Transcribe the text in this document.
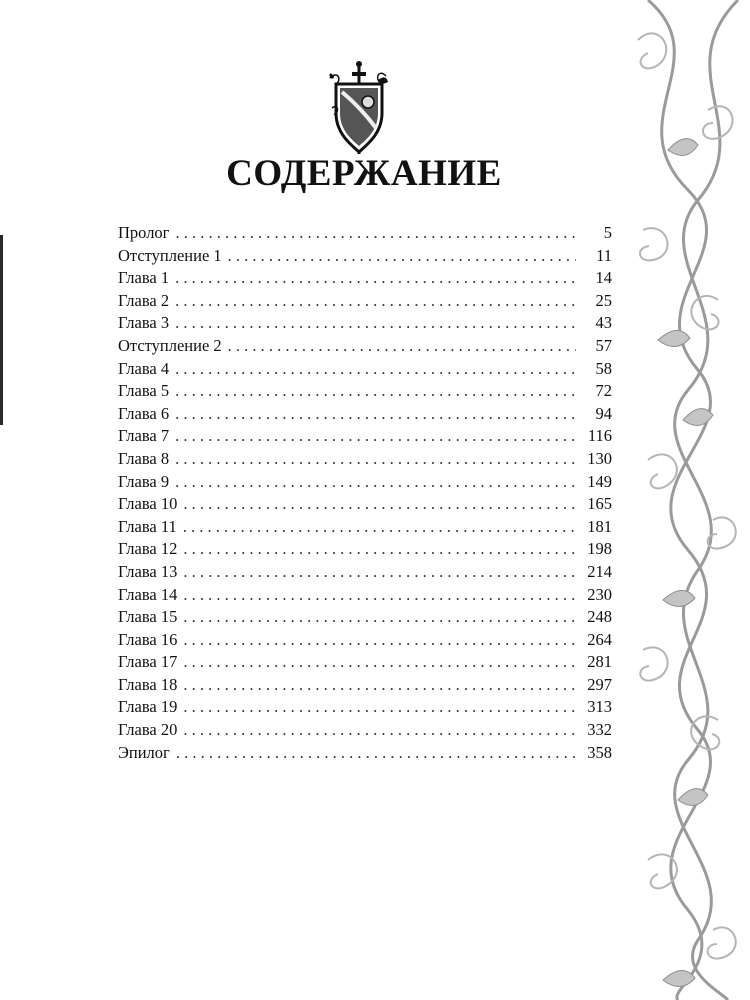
СОДЕРЖАНИЕ
Пролог . . .	5
Отступление 1 . . .	11
Глава 1 . . .	14
Глава 2 . . .	25
Глава 3 . . .	43
Отступление 2 . . .	57
Глава 4 . . .	58
Глава 5 . . .	72
Глава 6 . . .	94
Глава 7 . . .	116
Глава 8 . . .	130
Глава 9 . . .	149
Глава 10 . . .	165
Глава 11 . . .	181
Глава 12 . . .	198
Глава 13 . . .	214
Глава 14 . . .	230
Глава 15 . . .	248
Глава 16 . . .	264
Глава 17 . . .	281
Глава 18 . . .	297
Глава 19 . . .	313
Глава 20 . . .	332
Эпилог . . .	358
